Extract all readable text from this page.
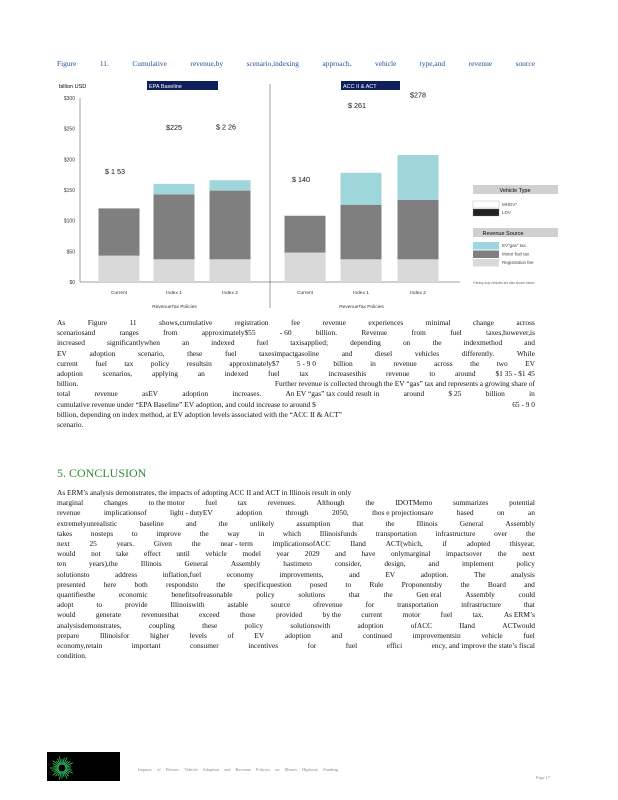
Figure	11.	Cumulative	revenue,by	scenario,indexing	approach,	vehicle	type,and	revenue	source
billion USD
$0
$50
$100
$150
$200
$250
$300
EPA Baseline
Current	Index 1	Index 2
RevenueTax Policies
ACC II & ACT
Current	Index 1	Index 2
RevenueTax Policies
$ 1 53
$225	$ 2 26
$ 140
$ 261
$278
Vehicle Type
MHDV*
LDV
Revenue Source
EV"gas" tax
Motor fuel tax
Registration fee
*Heavy-duty vehicles are also shown below
As	Figure	11	shows,cumulative	registration	fee	revenue	experiences	minimal	change	across
scenariosand	ranges	from	approximately$55	- 60	billion.	Revenue	from	fuel	taxes,however,is
increased	significantlywhen	an	indexed	fuel	taxisapplied;	depending	on	the	indexmethod	and
EV	adoption	scenario,	these	fuel	taxesimpactgasoline	and	diesel	vehicles	differently.	While
current fuel tax policy resultsin approximately$7 5 - 9 0 billion in revenue across the two EV
adoption	scenarios,	applying	an	indexed	fuel	tax	increasesthis	revenue	to	around	$1 35 - $1 45
billion.	Further revenue is collected through the EV “gas” tax and represents a growing share of
total	revenue	asEV	adoption	increases.	An EV “gas” tax could result in	around	$ 25	billion	in
cumulative revenue under “EPA Baseline” EV adoption, and could increase to around $	65 - 9 0
billion, depending on index method, at EV adoption levels associated with the “ACC II & ACT”
scenario.
5. CONCLUSION
As ERM’s analysis demonstrates, the impacts of adopting ACC II and ACT in Illinois result in only
marginal	changes	to the motor	fuel	tax	revenues.	Although	the	IDOTMemo	summarizes	potential
revenue	implicationsof	light - dutyEV	adoption	through	2050,	thos e projectionsare	based	on	an
extremelyunrealistic	baseline	and	the	unlikely	assumption	that	the	Illinois	General	Assembly
takes	nosteps	to	improve	the	way	in	which	Illinoisfunds	transportation	infrastructure	over	the
next	25	years.	Given	the	near - term	implicationsofACC	IIand	ACT(which,	if	adopted	thisyear,
would not take effect until vehicle model year 2029 and have onlymarginal impactsover the next
ten	years),the	Illinois	General	Assembly	hastimeto	consider,	design,	and	implement	policy
solutionsto	address	inflation,fuel	economy	improvements,	and	EV	adoption.	The	analysis
presented here both respondsto the specificquestion posed to Rule Proponentsby the Board and
quantifiesthe	economic	benefitsofreasonable	policy	solutions	that	the	Gen eral	Assembly	could
adopt	to	provide	Illinoiswith	astable	source	ofrevenue	for	transportation	infrastructure	that
would	generate	revenuesthat	exceed	those	provided	by the	current	motor	fuel	tax.	As ERM’s
analysisdemonstrates,	coupling	these	policy	solutionswith	adoption	ofACC	IIand	ACTwould
prepare	Illinoisfor	higher	levels	of	EV	adoption	and	continued	improvementsin	vehicle	fuel
economy,retain	important	consumer	incentives	for	fuel	effici	ency, and improve the state’s fiscal
condition.
Impacts of Electric Vehicle Adoption and Revenue Policies on Illinois Highway Funding
Page 17
